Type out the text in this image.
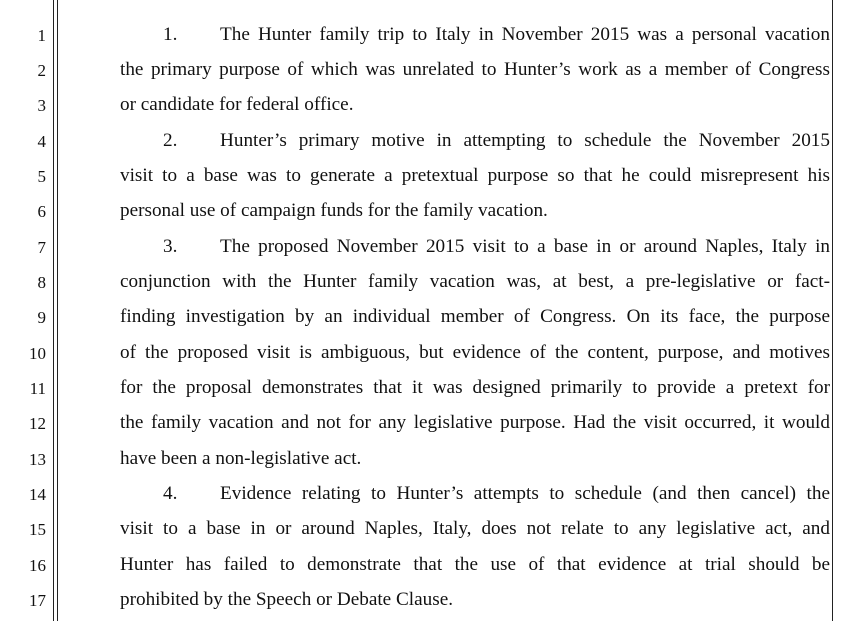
1
2
3
4
5
6
7
8
9
10
11
12
13
14
15
16
17
1. The Hunter family trip to Italy in November 2015 was a personal vacation
the primary purpose of which was unrelated to Hunter’s work as a member of Congress
or candidate for federal office.
2. Hunter’s primary motive in attempting to schedule the November 2015
visit to a base was to generate a pretextual purpose so that he could misrepresent his
personal use of campaign funds for the family vacation.
3. The proposed November 2015 visit to a base in or around Naples, Italy in
conjunction with the Hunter family vacation was, at best, a pre-legislative or fact-
finding investigation by an individual member of Congress. On its face, the purpose
of the proposed visit is ambiguous, but evidence of the content, purpose, and motives
for the proposal demonstrates that it was designed primarily to provide a pretext for
the family vacation and not for any legislative purpose. Had the visit occurred, it would
have been a non-legislative act.
4. Evidence relating to Hunter’s attempts to schedule (and then cancel) the
visit to a base in or around Naples, Italy, does not relate to any legislative act, and
Hunter has failed to demonstrate that the use of that evidence at trial should be
prohibited by the Speech or Debate Clause.
